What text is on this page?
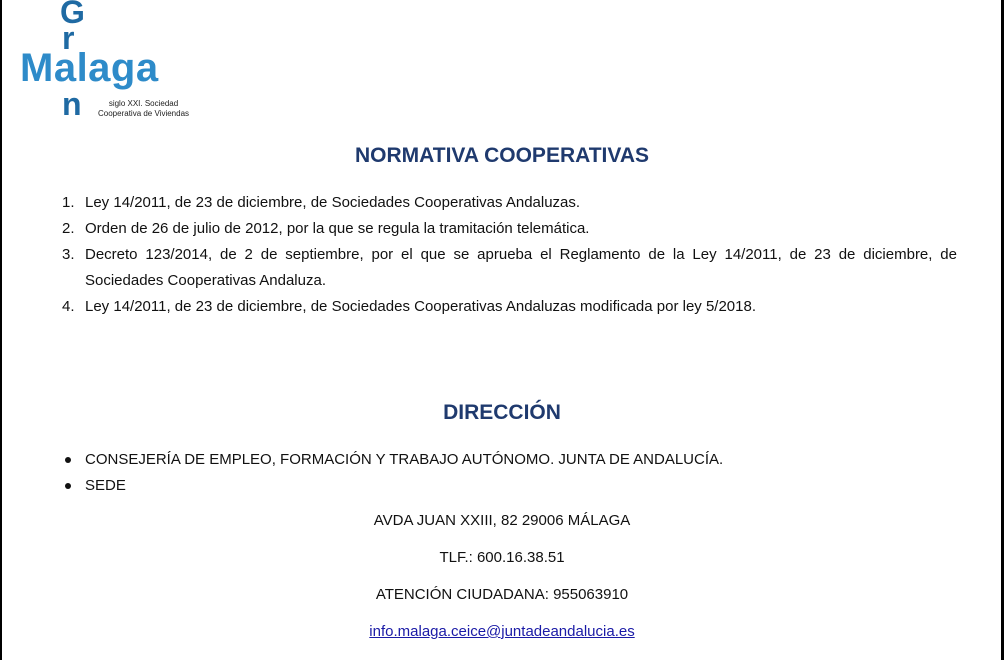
G
r
Malaga
n	siglo XXI. Sociedad
Cooperativa de Viviendas
NORMATIVA COOPERATIVAS
1. Ley 14/2011, de 23 de diciembre, de Sociedades Cooperativas Andaluzas.
2. Orden de 26 de julio de 2012, por la que se regula la tramitación telemática.
3. Decreto 123/2014, de 2 de septiembre, por el que se aprueba el Reglamento de la Ley 14/2011, de 23 de diciembre, de Sociedades Cooperativas Andaluza.
4. Ley 14/2011, de 23 de diciembre, de Sociedades Cooperativas Andaluzas modificada por ley 5/2018.
DIRECCIÓN
CONSEJERÍA DE EMPLEO, FORMACIÓN Y TRABAJO AUTÓNOMO. JUNTA DE ANDALUCÍA.
SEDE
AVDA JUAN XXIII, 82 29006 MÁLAGA
TLF.: 600.16.38.51
ATENCIÓN CIUDADANA: 955063910
info.malaga.ceice@juntadeandalucia.es
